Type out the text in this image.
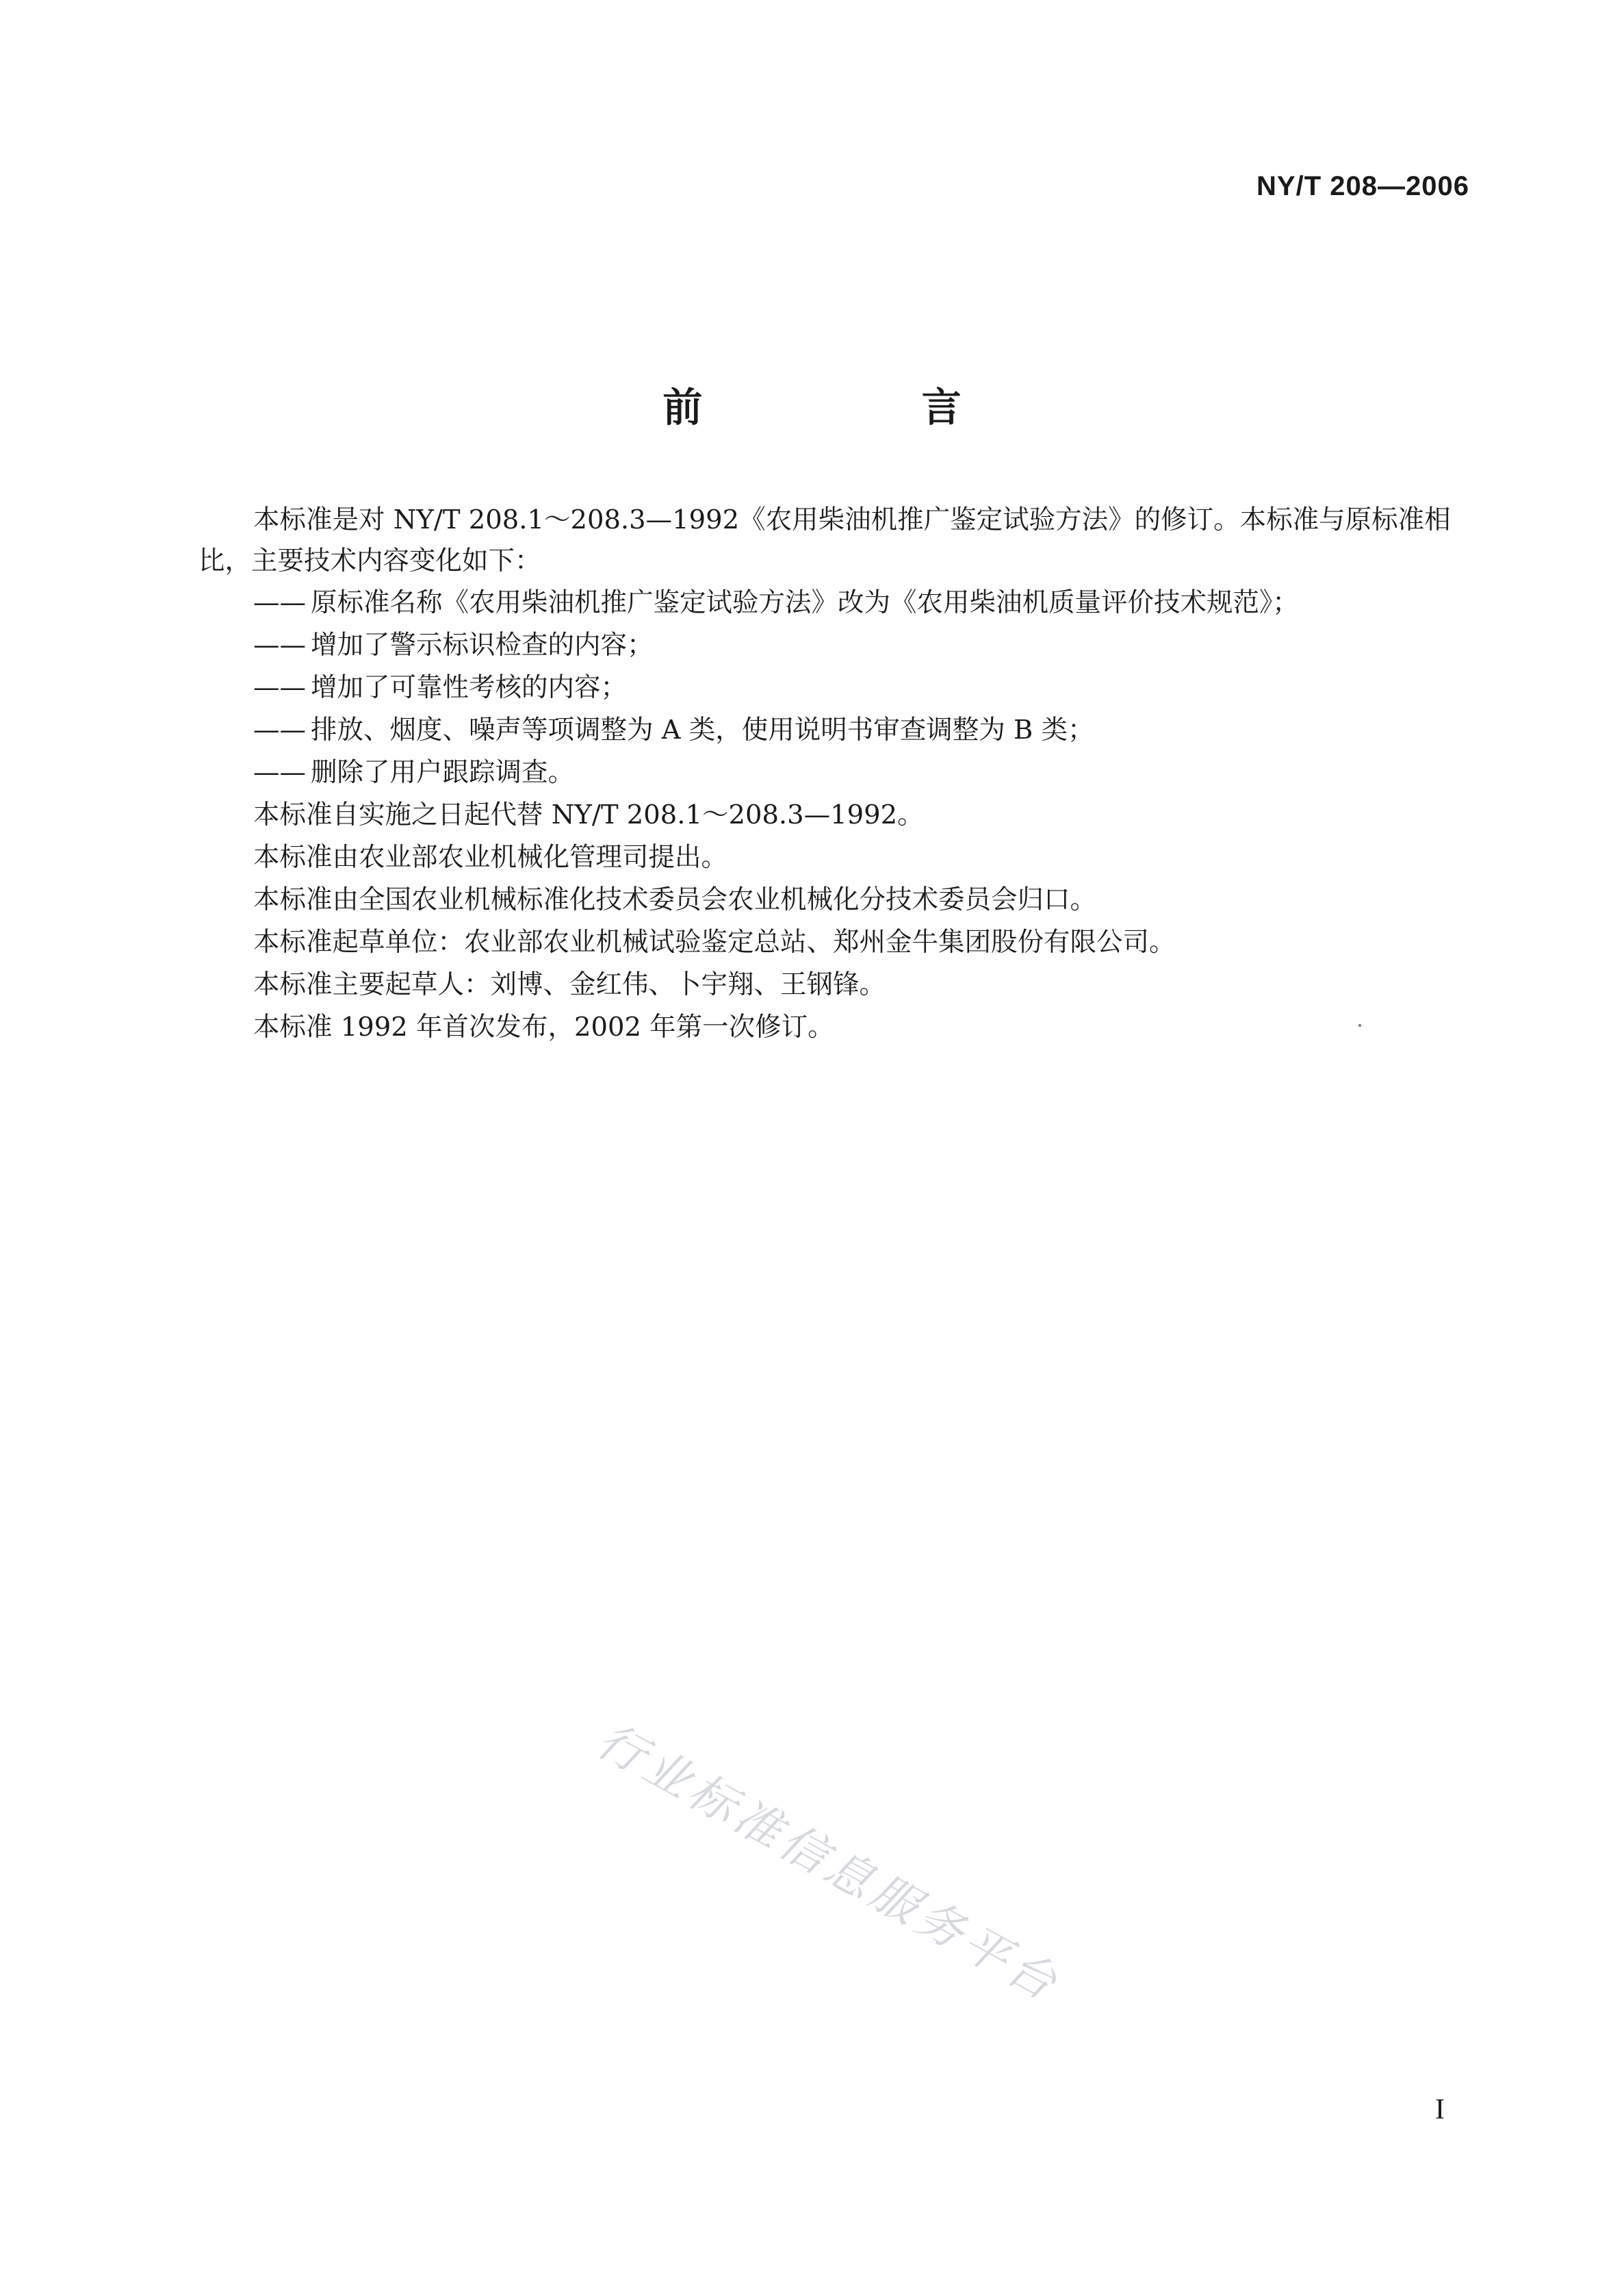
NY/T 208—2006
前 言

本标准是对 NY/T 208.1～208.3—1992《农用柴油机推广鉴定试验方法》的修订。本标准与原标准相比，主要技术内容变化如下：

—— 原标准名称《农用柴油机推广鉴定试验方法》改为《农用柴油机质量评价技术规范》；
—— 增加了警示标识检查的内容；
—— 增加了可靠性考核的内容；
—— 排放、烟度、噪声等项调整为 A 类，使用说明书审查调整为 B 类；
—— 删除了用户跟踪调查。

本标准自实施之日起代替 NY/T 208.1～208.3—1992。

本标准由农业部农业机械化管理司提出。

本标准由全国农业机械标准化技术委员会农业机械化分技术委员会归口。

本标准起草单位：农业部农业机械试验鉴定总站、郑州金牛集团股份有限公司。

本标准主要起草人：刘博、金红伟、卜宇翔、王钢锋。

本标准 1992 年首次发布，2002 年第一次修订。

行业标准信息服务平台
I
